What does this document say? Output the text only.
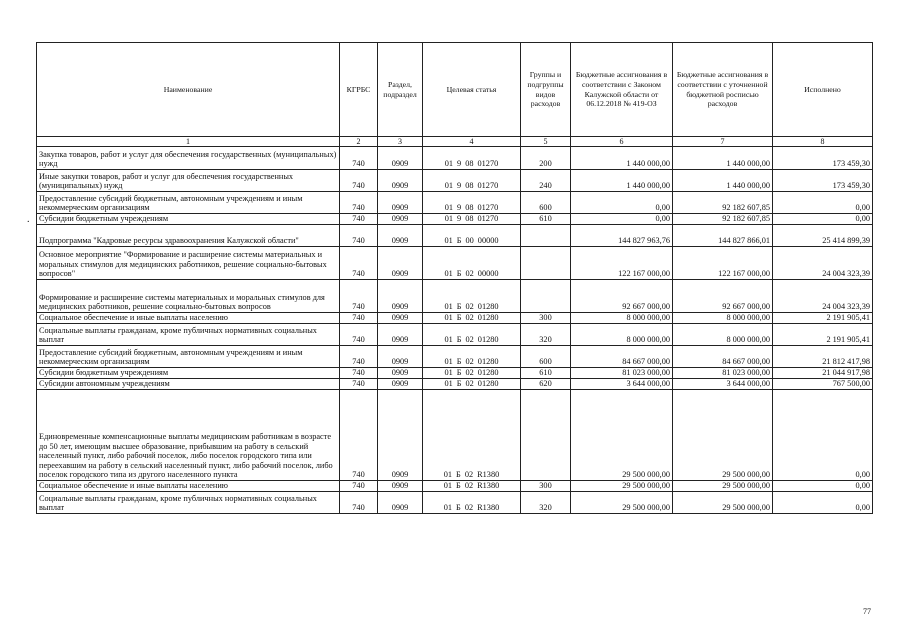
Наименование	КГРБС	Раздел, подраздел	Целевая статья	Группы и подгруппы видов расходов	Бюджетные ассигнования в соответствии с Законом Калужской области от 06.12.2018 № 419-ОЗ	Бюджетные ассигнования в соответствии с уточненной бюджетной росписью расходов	Исполнено
1	2	3	4	5	6	7	8
Закупка товаров, работ и услуг для обеспечения государственных (муниципальных) нужд	740	0909	01 9 08 01270	200	1 440 000,00	1 440 000,00	173 459,30
Иные закупки товаров, работ и услуг для обеспечения государственных (муниципальных) нужд	740	0909	01 9 08 01270	240	1 440 000,00	1 440 000,00	173 459,30
Предоставление субсидий бюджетным, автономным учреждениям и иным некоммерческим организациям	740	0909	01 9 08 01270	600	0,00	92 182 607,85	0,00
Субсидии бюджетным учреждениям	740	0909	01 9 08 01270	610	0,00	92 182 607,85	0,00
Подпрограмма "Кадровые ресурсы здравоохранения Калужской области"	740	0909	01 Б 00 00000		144 827 963,76	144 827 866,01	25 414 899,39
Основное мероприятие "Формирование и расширение системы материальных и моральных стимулов для медицинских работников, решение социально-бытовых вопросов"	740	0909	01 Б 02 00000		122 167 000,00	122 167 000,00	24 004 323,39
Формирование и расширение системы материальных и моральных стимулов для медицинских работников, решение социально-бытовых вопросов	740	0909	01 Б 02 01280		92 667 000,00	92 667 000,00	24 004 323,39
Социальное обеспечение и иные выплаты населению	740	0909	01 Б 02 01280	300	8 000 000,00	8 000 000,00	2 191 905,41
Социальные выплаты гражданам, кроме публичных нормативных социальных выплат	740	0909	01 Б 02 01280	320	8 000 000,00	8 000 000,00	2 191 905,41
Предоставление субсидий бюджетным, автономным учреждениям и иным некоммерческим организациям	740	0909	01 Б 02 01280	600	84 667 000,00	84 667 000,00	21 812 417,98
Субсидии бюджетным учреждениям	740	0909	01 Б 02 01280	610	81 023 000,00	81 023 000,00	21 044 917,98
Субсидии автономным учреждениям	740	0909	01 Б 02 01280	620	3 644 000,00	3 644 000,00	767 500,00
Единовременные компенсационные выплаты медицинским работникам в возрасте до 50 лет, имеющим высшее образование, прибывшим на работу в сельский населенный пункт, либо рабочий поселок, либо поселок городского типа или переехавшим на работу в сельский населенный пункт, либо рабочий поселок, либо поселок городского типа из другого населенного пункта	740	0909	01 Б 02 R1380		29 500 000,00	29 500 000,00	0,00
Социальное обеспечение и иные выплаты населению	740	0909	01 Б 02 R1380	300	29 500 000,00	29 500 000,00	0,00
Социальные выплаты гражданам, кроме публичных нормативных социальных выплат	740	0909	01 Б 02 R1380	320	29 500 000,00	29 500 000,00	0,00
.
77
